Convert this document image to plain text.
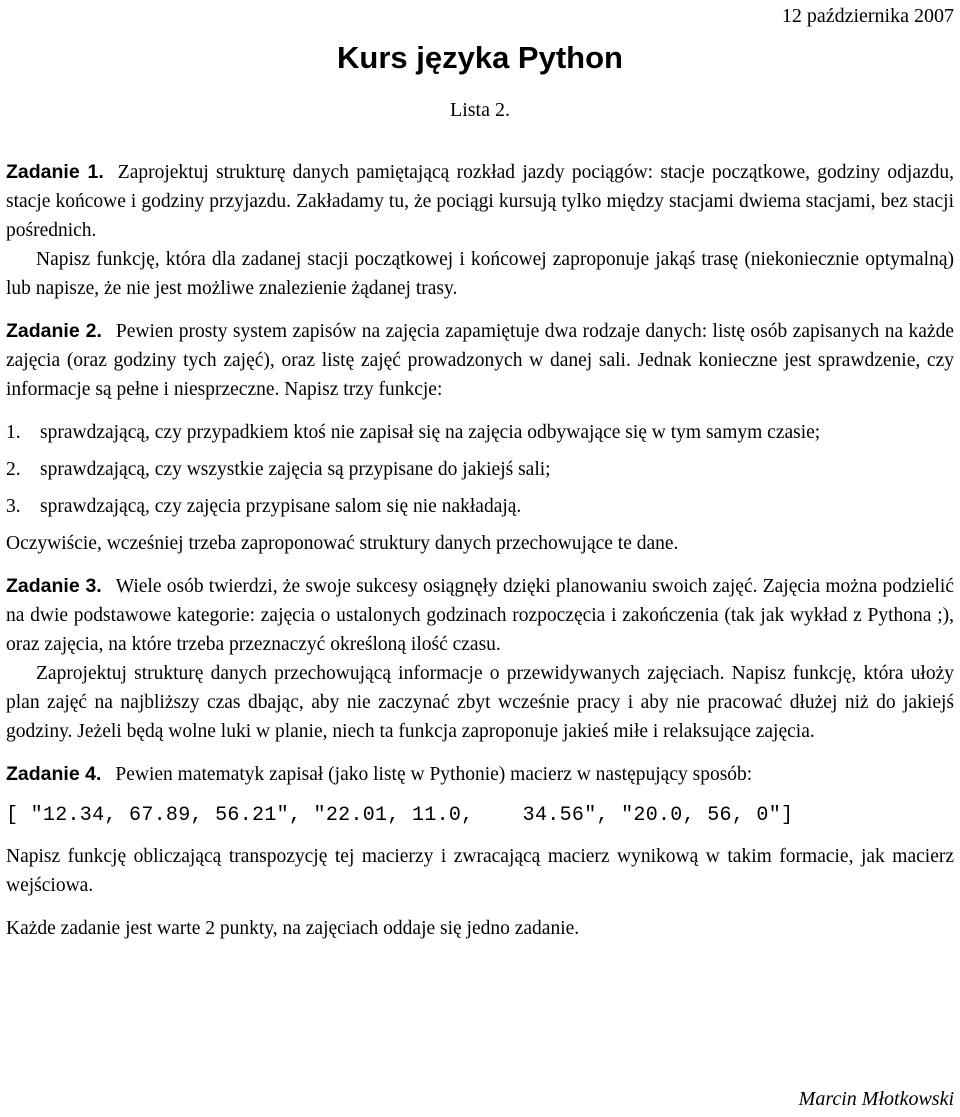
12 października 2007
Kurs języka Python
Lista 2.

Zadanie 1. Zaprojektuj strukturę danych pamiętającą rozkład jazdy pociągów: stacje początkowe, godziny odjazdu, stacje końcowe i godziny przyjazdu. Zakładamy tu, że pociągi kursują tylko między stacjami dwiema stacjami, bez stacji pośrednich.

Napisz funkcję, która dla zadanej stacji początkowej i końcowej zaproponuje jakąś trasę (niekoniecznie optymalną) lub napisze, że nie jest możliwe znalezienie żądanej trasy.

Zadanie 2. Pewien prosty system zapisów na zajęcia zapamiętuje dwa rodzaje danych: listę osób zapisanych na każde zajęcia (oraz godziny tych zajęć), oraz listę zajęć prowadzonych w danej sali. Jednak konieczne jest sprawdzenie, czy informacje są pełne i niesprzeczne. Napisz trzy funkcje:

1. sprawdzającą, czy przypadkiem ktoś nie zapisał się na zajęcia odbywające się w tym samym czasie;
2. sprawdzającą, czy wszystkie zajęcia są przypisane do jakiejś sali;
3. sprawdzającą, czy zajęcia przypisane salom się nie nakładają.

Oczywiście, wcześniej trzeba zaproponować struktury danych przechowujące te dane.

Zadanie 3. Wiele osób twierdzi, że swoje sukcesy osiągnęły dzięki planowaniu swoich zajęć. Zajęcia można podzielić na dwie podstawowe kategorie: zajęcia o ustalonych godzinach rozpoczęcia i zakończenia (tak jak wykład z Pythona ;), oraz zajęcia, na które trzeba przeznaczyć określoną ilość czasu.

Zaprojektuj strukturę danych przechowującą informacje o przewidywanych zajęciach. Napisz funkcję, która ułoży plan zajęć na najbliższy czas dbając, aby nie zaczynać zbyt wcześnie pracy i aby nie pracować dłużej niż do jakiejś godziny. Jeżeli będą wolne luki w planie, niech ta funkcja zaproponuje jakieś miłe i relaksujące zajęcia.

Zadanie 4. Pewien matematyk zapisał (jako listę w Pythonie) macierz w następujący sposób:

[ "12.34, 67.89, 56.21", "22.01, 11.0,    34.56", "20.0, 56, 0"]

Napisz funkcję obliczającą transpozycję tej macierzy i zwracającą macierz wynikową w takim formacie, jak macierz wejściowa.

Każde zadanie jest warte 2 punkty, na zajęciach oddaje się jedno zadanie.

Marcin Młotkowski
